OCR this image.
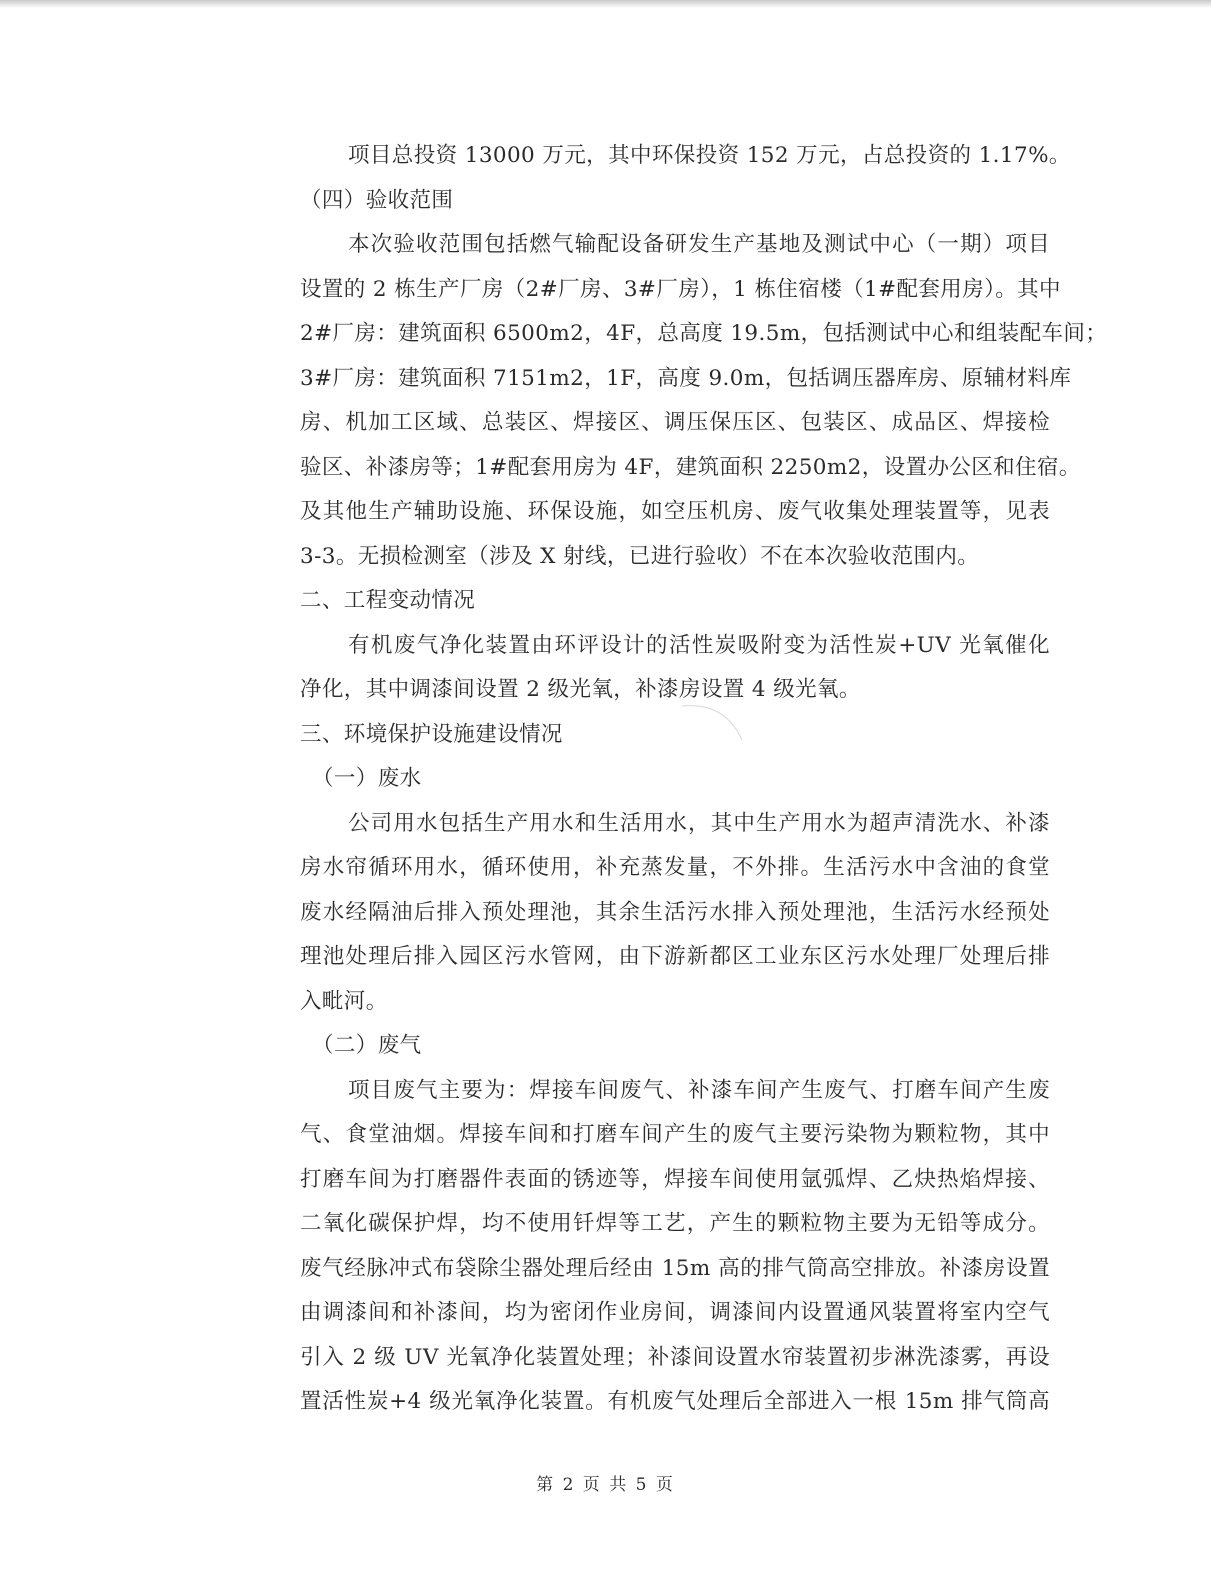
项目总投资 13000 万元，其中环保投资 152 万元，占总投资的 1.17%。
（四）验收范围
本次验收范围包括燃气输配设备研发生产基地及测试中心（一期）项目
设置的 2 栋生产厂房（2#厂房、3#厂房），1 栋住宿楼（1#配套用房）。其中
2#厂房：建筑面积 6500m2，4F，总高度 19.5m，包括测试中心和组装配车间；
3#厂房：建筑面积 7151m2，1F，高度 9.0m，包括调压器库房、原辅材料库
房、机加工区域、总装区、焊接区、调压保压区、包装区、成品区、焊接检
验区、补漆房等；1#配套用房为 4F，建筑面积 2250m2，设置办公区和住宿。
及其他生产辅助设施、环保设施，如空压机房、废气收集处理装置等，见表
3-3。无损检测室（涉及 X 射线，已进行验收）不在本次验收范围内。
二、工程变动情况
有机废气净化装置由环评设计的活性炭吸附变为活性炭+UV 光氧催化
净化，其中调漆间设置 2 级光氧，补漆房设置 4 级光氧。
三、环境保护设施建设情况
（一）废水
公司用水包括生产用水和生活用水，其中生产用水为超声清洗水、补漆
房水帘循环用水，循环使用，补充蒸发量，不外排。生活污水中含油的食堂
废水经隔油后排入预处理池，其余生活污水排入预处理池，生活污水经预处
理池处理后排入园区污水管网，由下游新都区工业东区污水处理厂处理后排
入毗河。
（二）废气
项目废气主要为：焊接车间废气、补漆车间产生废气、打磨车间产生废
气、食堂油烟。焊接车间和打磨车间产生的废气主要污染物为颗粒物，其中
打磨车间为打磨器件表面的锈迹等，焊接车间使用氩弧焊、乙炔热焰焊接、
二氧化碳保护焊，均不使用钎焊等工艺，产生的颗粒物主要为无铅等成分。
废气经脉冲式布袋除尘器处理后经由 15m 高的排气筒高空排放。补漆房设置
由调漆间和补漆间，均为密闭作业房间，调漆间内设置通风装置将室内空气
引入 2 级 UV 光氧净化装置处理；补漆间设置水帘装置初步淋洗漆雾，再设
置活性炭+4 级光氧净化装置。有机废气处理后全部进入一根 15m 排气筒高
第 2 页 共 5 页
